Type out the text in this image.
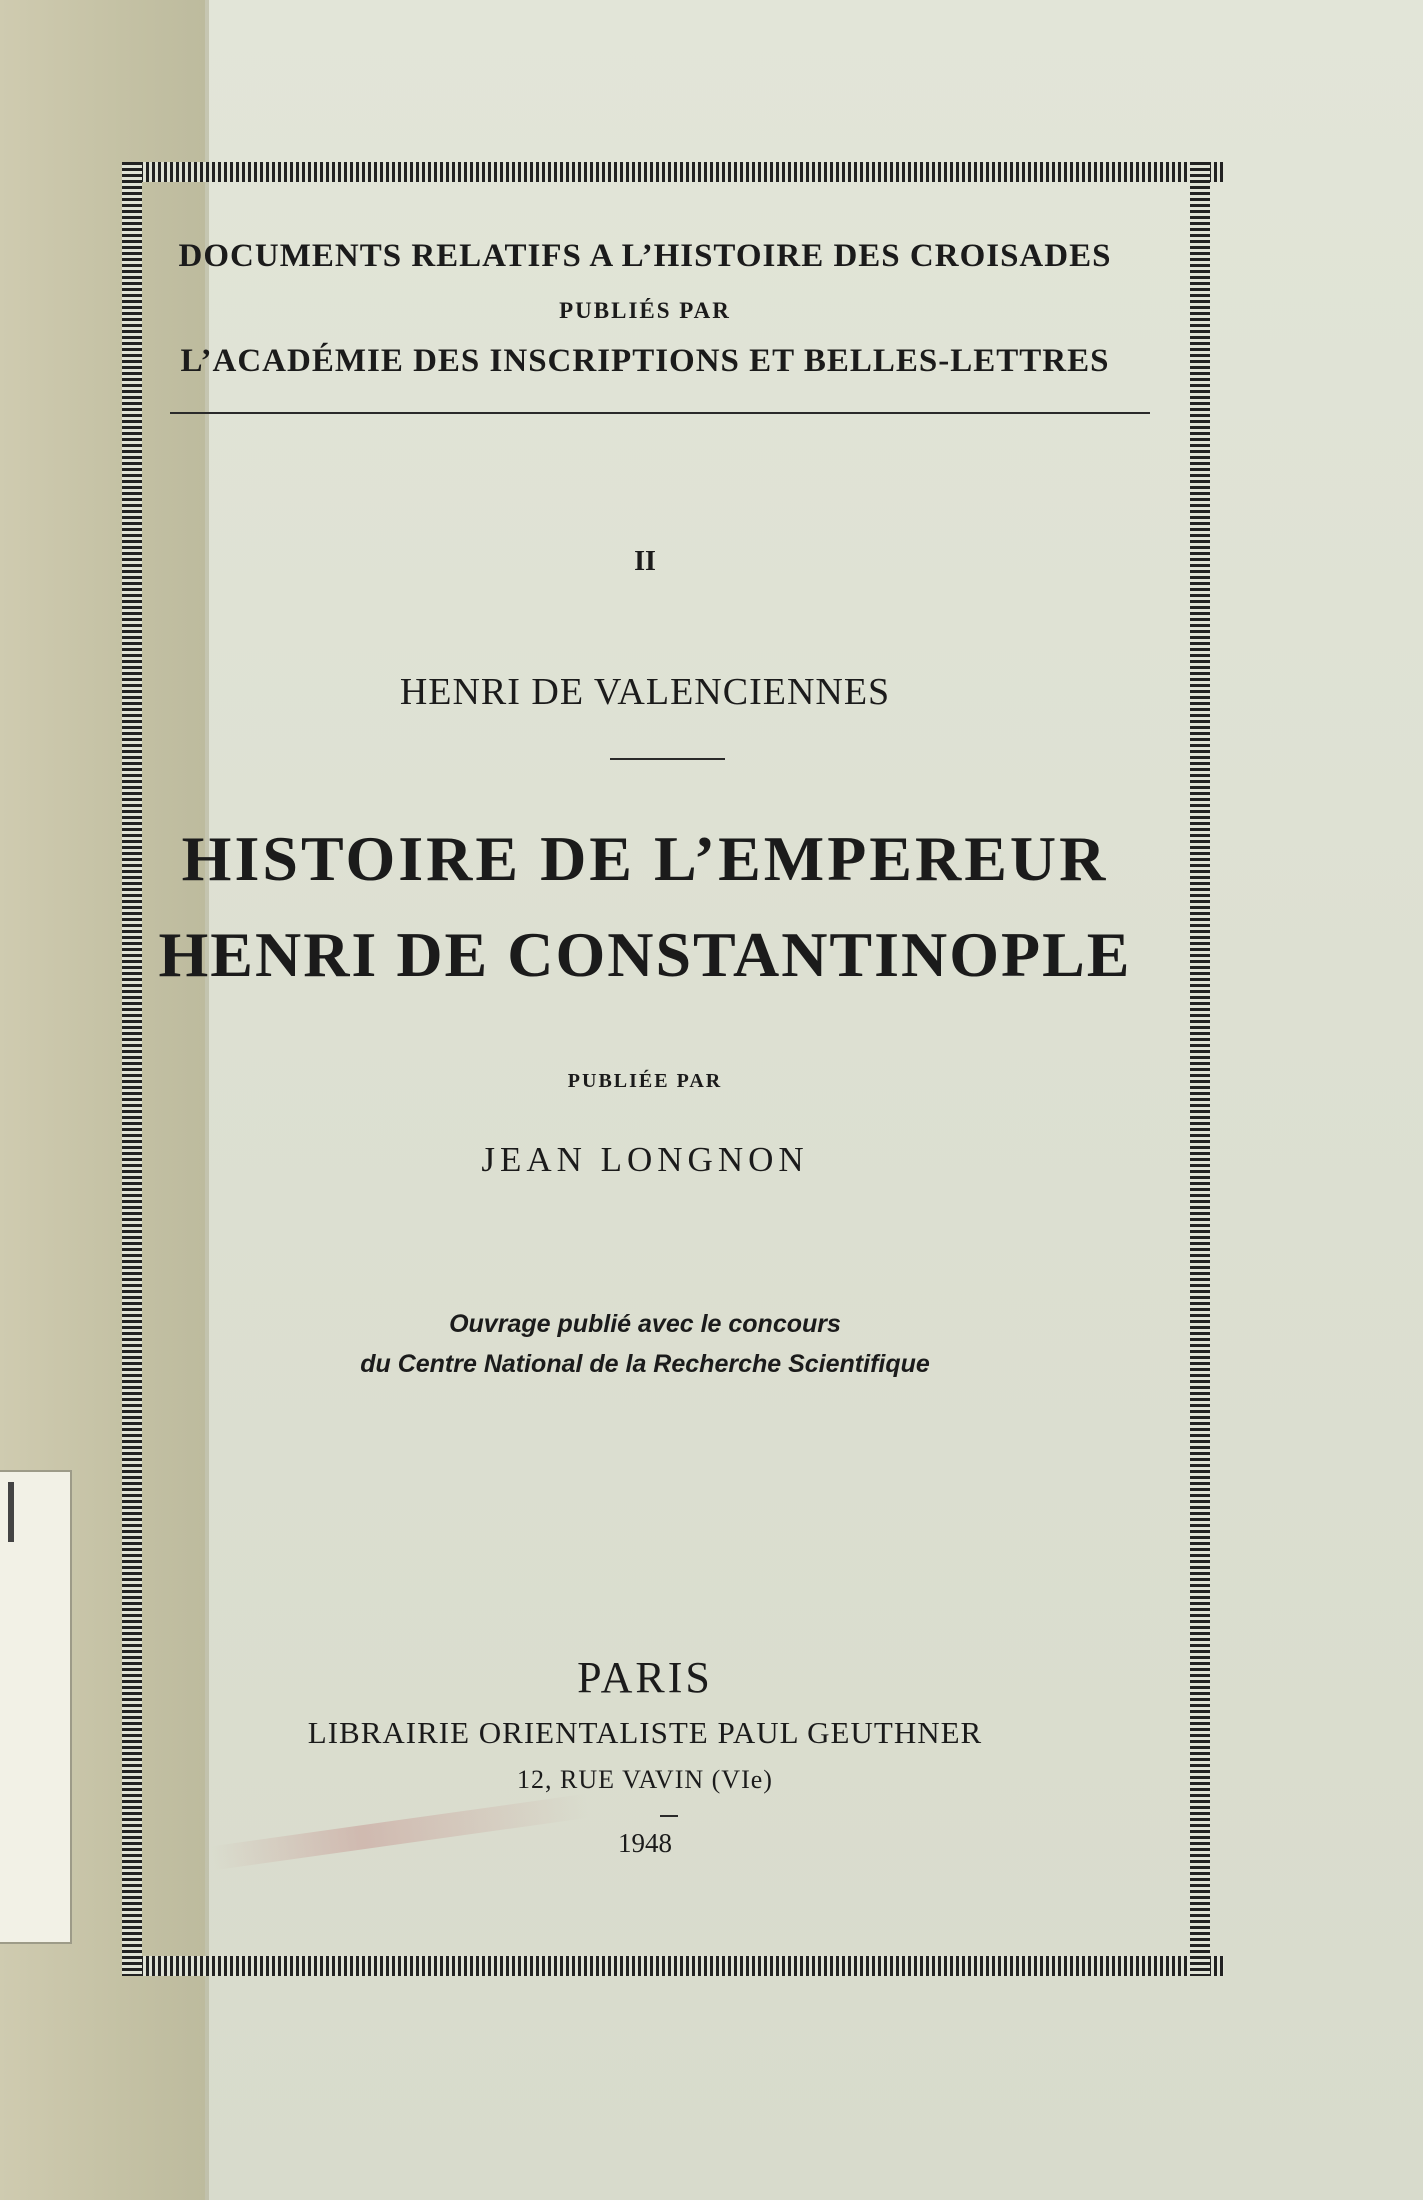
DOCUMENTS RELATIFS A L’HISTOIRE DES CROISADES
PUBLIÉS PAR
L’ACADÉMIE DES INSCRIPTIONS ET BELLES-LETTRES
II
HENRI DE VALENCIENNES
HISTOIRE DE L’EMPEREUR
HENRI DE CONSTANTINOPLE
PUBLIÉE PAR
JEAN LONGNON
Ouvrage publié avec le concours
du Centre National de la Recherche Scientifique
PARIS
LIBRAIRIE ORIENTALISTE PAUL GEUTHNER
12, RUE VAVIN (VIe)
1948
